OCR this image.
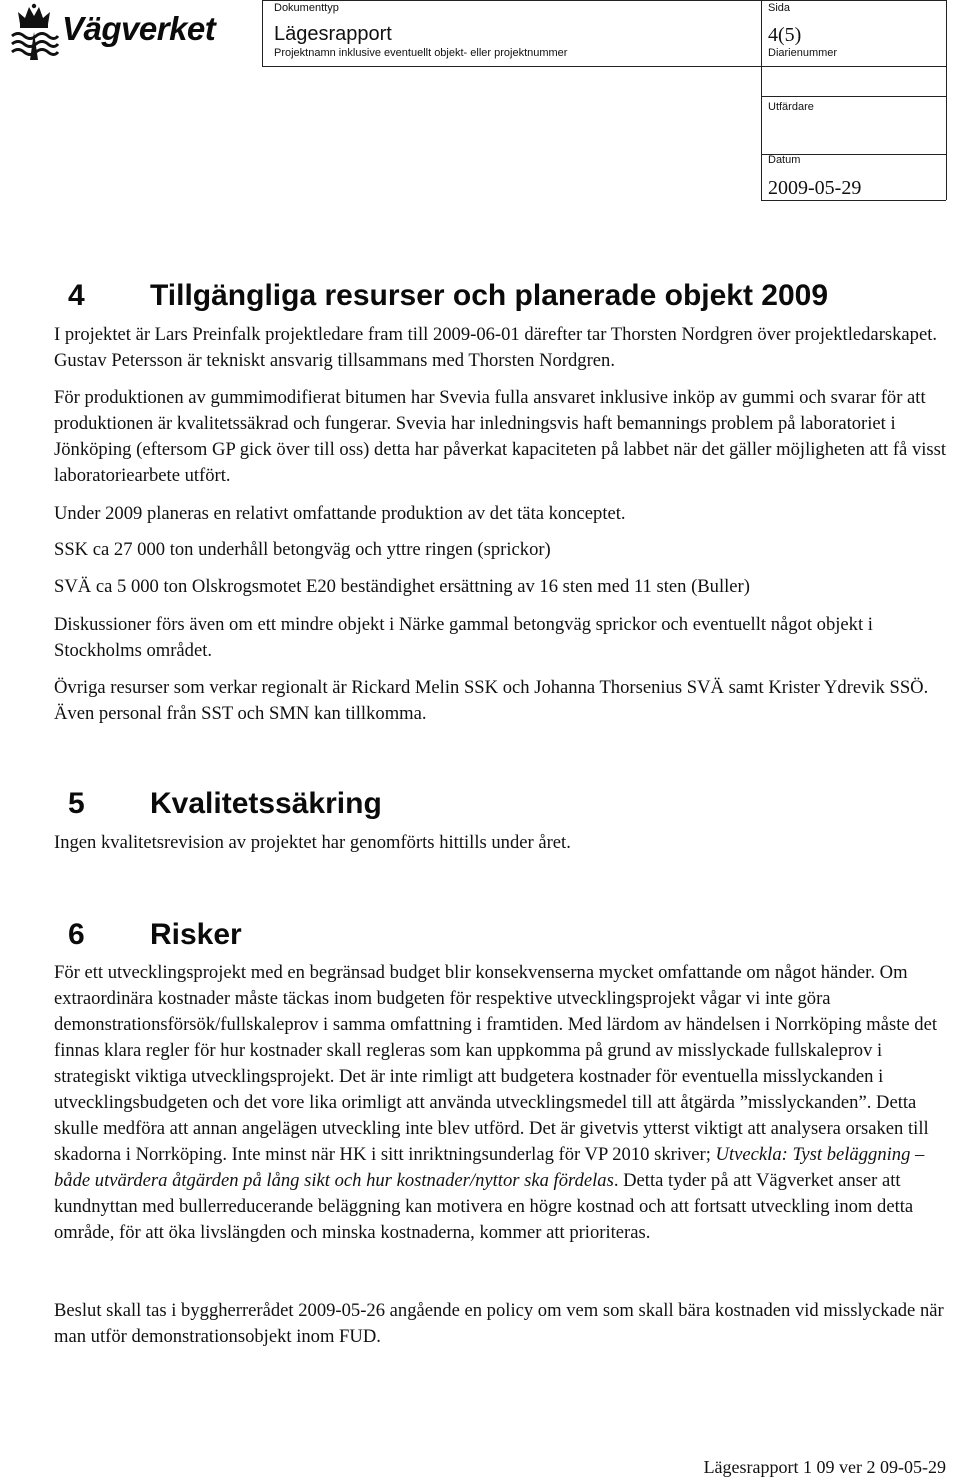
Vägverket
Dokumenttyp
Lägesrapport
Projektnamn inklusive eventuellt objekt- eller projektnummer
Sida
4(5)
Diarienummer
Utfärdare
Datum
2009-05-29
4 Tillgängliga resurser och planerade objekt 2009

I projektet är Lars Preinfalk projektledare fram till 2009-06-01 därefter tar Thorsten Nordgren över projektledarskapet. Gustav Petersson är tekniskt ansvarig tillsammans med Thorsten Nordgren.

För produktionen av gummimodifierat bitumen har Svevia fulla ansvaret inklusive inköp av gummi och svarar för att produktionen är kvalitetssäkrad och fungerar. Svevia har inledningsvis haft bemannings problem på laboratoriet i Jönköping (eftersom GP gick över till oss) detta har påverkat kapaciteten på labbet när det gäller möjligheten att få visst laboratoriearbete utfört.

Under 2009 planeras en relativt omfattande produktion av det täta konceptet.

SSK ca 27 000 ton underhåll betongväg och yttre ringen (sprickor)

SVÄ ca 5 000 ton Olskrogsmotet E20 beständighet ersättning av 16 sten med 11 sten (Buller)

Diskussioner förs även om ett mindre objekt i Närke gammal betongväg sprickor och eventuellt något objekt i Stockholms området.

Övriga resurser som verkar regionalt är Rickard Melin SSK och Johanna Thorsenius SVÄ samt Krister Ydrevik SSÖ. Även personal från SST och SMN kan tillkomma.

5 Kvalitetssäkring

Ingen kvalitetsrevision av projektet har genomförts hittills under året.

6 Risker

För ett utvecklingsprojekt med en begränsad budget blir konsekvenserna mycket omfattande om något händer. Om extraordinära kostnader måste täckas inom budgeten för respektive utvecklingsprojekt vågar vi inte göra demonstrationsförsök/fullskaleprov i samma omfattning i framtiden. Med lärdom av händelsen i Norrköping måste det finnas klara regler för hur kostnader skall regleras som kan uppkomma på grund av misslyckade fullskaleprov i strategiskt viktiga utvecklingsprojekt. Det är inte rimligt att budgetera kostnader för eventuella misslyckanden i utvecklingsbudgeten och det vore lika orimligt att använda utvecklingsmedel till att åtgärda ”misslyckanden”. Detta skulle medföra att annan angelägen utveckling inte blev utförd. Det är givetvis ytterst viktigt att analysera orsaken till skadorna i Norrköping. Inte minst när HK i sitt inriktningsunderlag för VP 2010 skriver; Utveckla: Tyst beläggning – både utvärdera åtgärden på lång sikt och hur kostnader/nyttor ska fördelas. Detta tyder på att Vägverket anser att kundnyttan med bullerreducerande beläggning kan motivera en högre kostnad och att fortsatt utveckling inom detta område, för att öka livslängden och minska kostnaderna, kommer att prioriteras.

Beslut skall tas i byggherrerådet 2009-05-26 angående en policy om vem som skall bära kostnaden vid misslyckade när man utför demonstrationsobjekt inom FUD.

Lägesrapport 1 09 ver 2 09-05-29
